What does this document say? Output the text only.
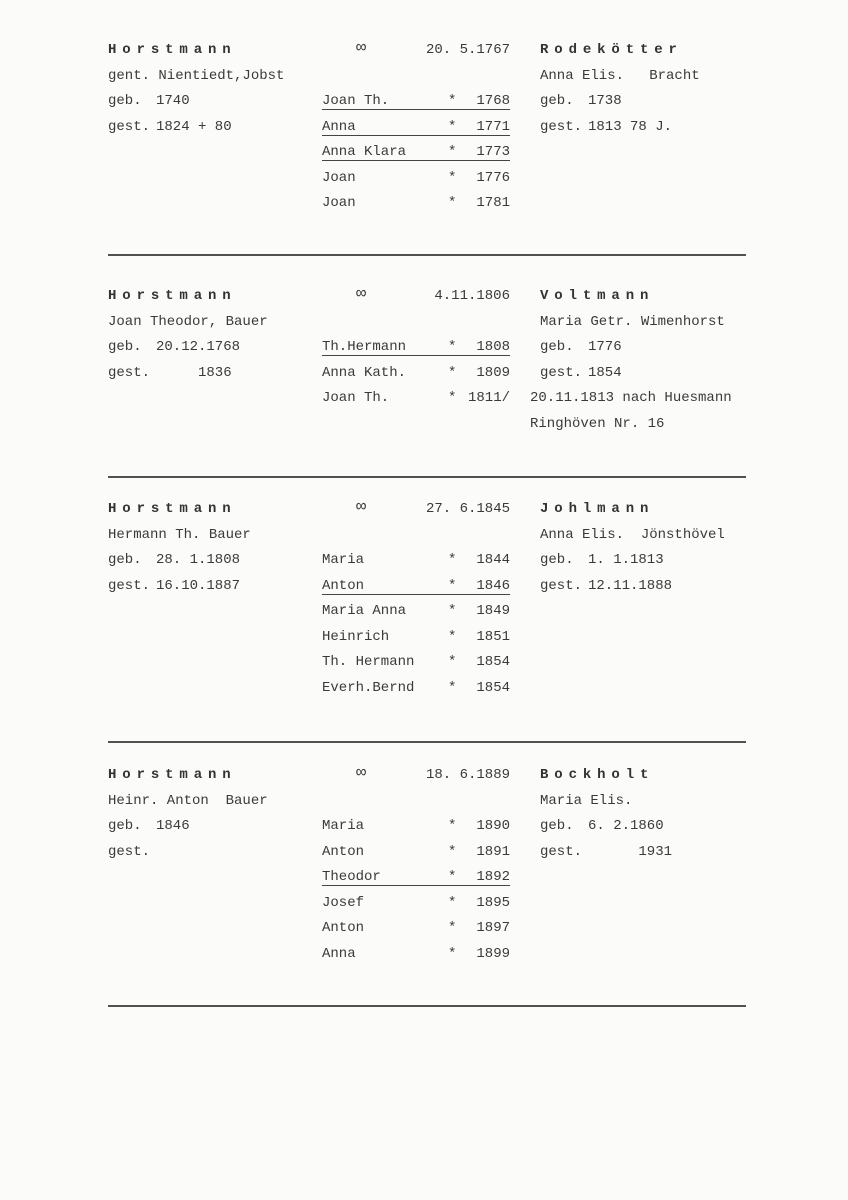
Horstmann
gent. Nientiedt,Jobst
geb. 1740
gest. 1824 + 80
∞	20. 5.1767 Rodekötter
Anna Elis.   Bracht
geb. 1738
gest. 1813 78 J.
Joan Th.	*	1768
Anna	*	1771
Anna Klara	*	1773
Joan	*	1776
Joan	*	1781
Horstmann
Joan Theodor, Bauer
geb. 20.12.1768
gest.     1836
∞	4.11.1806 Voltmann
Maria Getr. Wimenhorst
geb. 1776
gest. 1854
20.11.1813 nach Huesmann
Ringhöven Nr. 16
Th.Hermann	*	1808
Anna Kath.	*	1809
Joan Th.	* 1811/
Horstmann
Hermann Th. Bauer
geb. 28. 1.1808
gest. 16.10.1887
∞	27. 6.1845 Johlmann
Anna Elis.  Jönsthövel
geb. 1. 1.1813
gest. 12.11.1888
Maria	*	1844
Anton	*	1846
Maria Anna	*	1849
Heinrich	*	1851
Th. Hermann *	1854
Everh.Bernd *	1854
Horstmann
Heinr. Anton  Bauer
geb. 1846
gest.
∞	18. 6.1889 Bockholt
Maria Elis.
geb. 6. 2.1860
gest.      1931
Maria	*	1890
Anton	*	1891
Theodor	*	1892
Josef	*	1895
Anton	*	1897
Anna	*	1899
